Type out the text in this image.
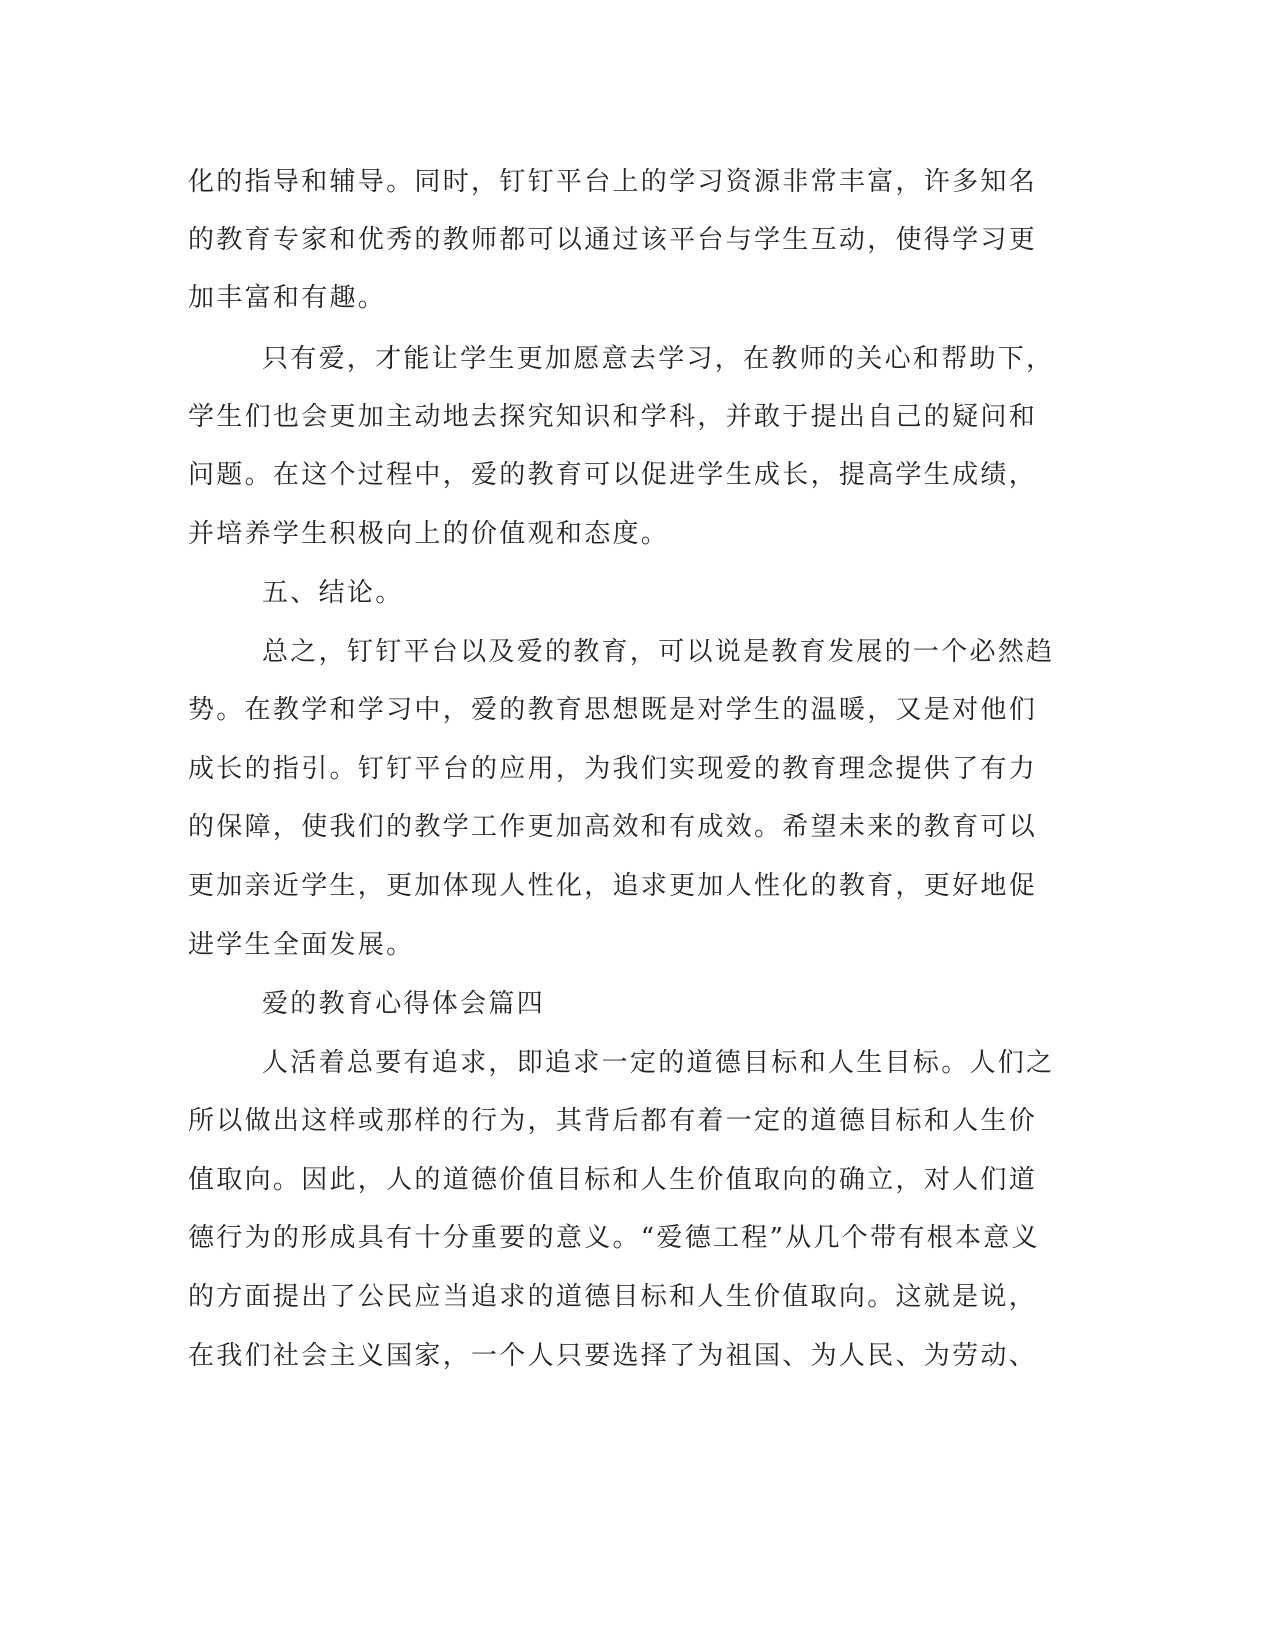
化的指导和辅导。同时，钉钉平台上的学习资源非常丰富，许多知名
的教育专家和优秀的教师都可以通过该平台与学生互动，使得学习更
加丰富和有趣。
只有爱，才能让学生更加愿意去学习，在教师的关心和帮助下，
学生们也会更加主动地去探究知识和学科，并敢于提出自己的疑问和
问题。在这个过程中，爱的教育可以促进学生成长，提高学生成绩，
并培养学生积极向上的价值观和态度。
五、结论。
总之，钉钉平台以及爱的教育，可以说是教育发展的一个必然趋
势。在教学和学习中，爱的教育思想既是对学生的温暖，又是对他们
成长的指引。钉钉平台的应用，为我们实现爱的教育理念提供了有力
的保障，使我们的教学工作更加高效和有成效。希望未来的教育可以
更加亲近学生，更加体现人性化，追求更加人性化的教育，更好地促
进学生全面发展。
爱的教育心得体会篇四
人活着总要有追求，即追求一定的道德目标和人生目标。人们之
所以做出这样或那样的行为，其背后都有着一定的道德目标和人生价
值取向。因此，人的道德价值目标和人生价值取向的确立，对人们道
德行为的形成具有十分重要的意义。“爱德工程”从几个带有根本意义
的方面提出了公民应当追求的道德目标和人生价值取向。这就是说，
在我们社会主义国家，一个人只要选择了为祖国、为人民、为劳动、
